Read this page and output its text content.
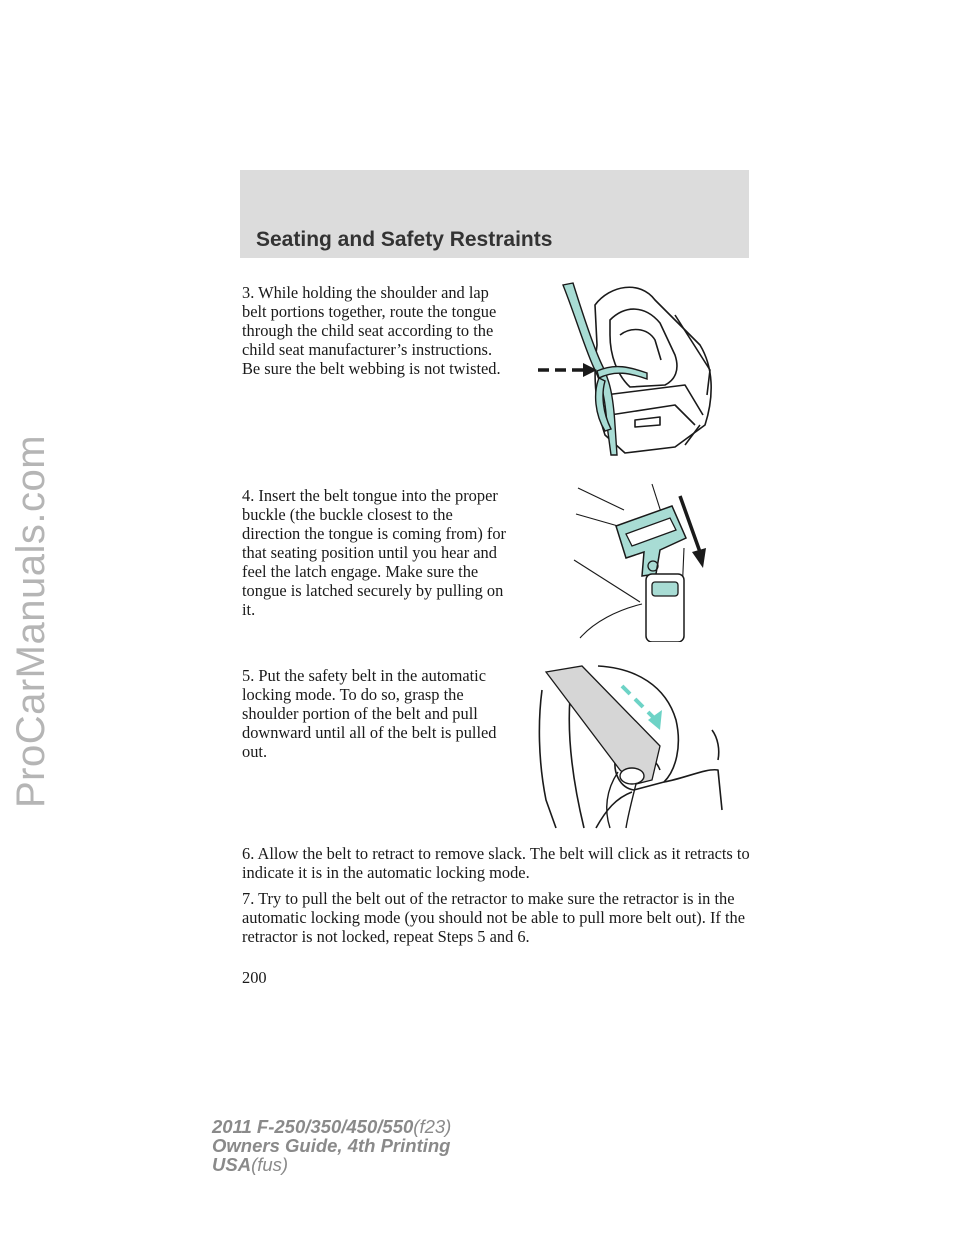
ProCarManuals.com
Seating and Safety Restraints

3. While holding the shoulder and lap belt portions together, route the tongue through the child seat according to the child seat manufacturer’s instructions. Be sure the belt webbing is not twisted.

4. Insert the belt tongue into the proper buckle (the buckle closest to the direction the tongue is coming from) for that seating position until you hear and feel the latch engage. Make sure the tongue is latched securely by pulling on it.

5. Put the safety belt in the automatic locking mode. To do so, grasp the shoulder portion of the belt and pull downward until all of the belt is pulled out.

6. Allow the belt to retract to remove slack. The belt will click as it retracts to indicate it is in the automatic locking mode.

7. Try to pull the belt out of the retractor to make sure the retractor is in the automatic locking mode (you should not be able to pull more belt out). If the retractor is not locked, repeat Steps 5 and 6.

200
2011 F-250/350/450/550(f23)
Owners Guide, 4th Printing
USA(fus)
